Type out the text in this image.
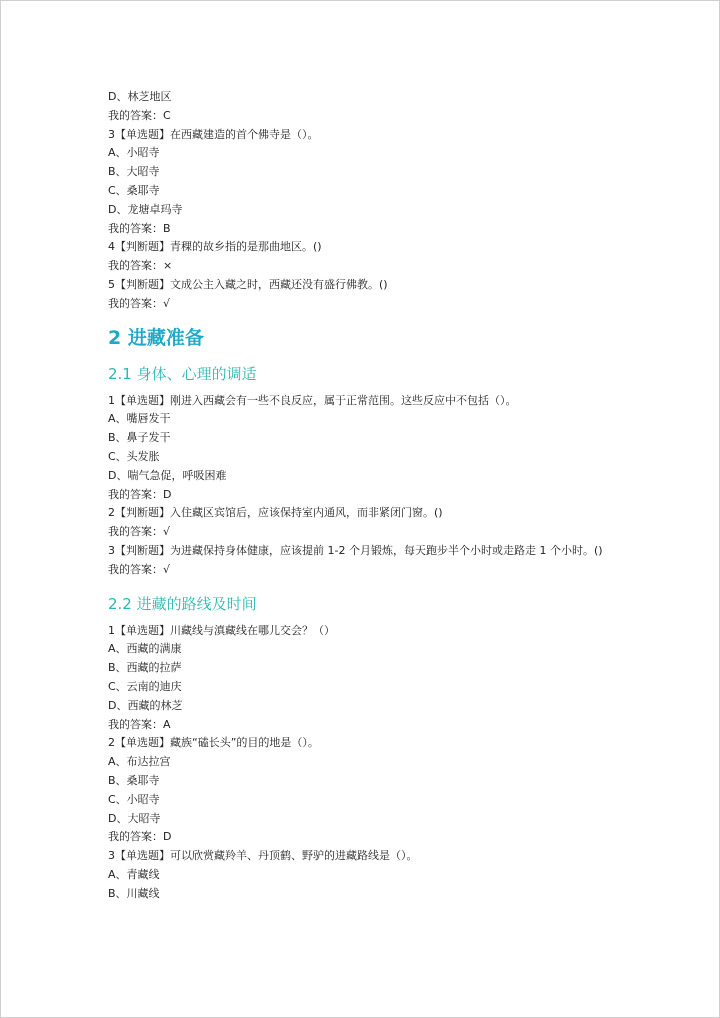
D、林芝地区
我的答案：C
3【单选题】在西藏建造的首个佛寺是（）。
A、小昭寺
B、大昭寺
C、桑耶寺
D、龙塘卓玛寺
我的答案：B
4【判断题】青稞的故乡指的是那曲地区。()
我的答案：×
5【判断题】文成公主入藏之时，西藏还没有盛行佛教。()
我的答案：√
2 进藏准备
2.1 身体、心理的调适
1【单选题】刚进入西藏会有一些不良反应，属于正常范围。这些反应中不包括（）。
A、嘴唇发干
B、鼻子发干
C、头发胀
D、喘气急促，呼吸困难
我的答案：D
2【判断题】入住藏区宾馆后，应该保持室内通风，而非紧闭门窗。()
我的答案：√
3【判断题】为进藏保持身体健康，应该提前 1-2 个月锻炼，每天跑步半个小时或走路走 1 个小时。()
我的答案：√
2.2 进藏的路线及时间
1【单选题】川藏线与滇藏线在哪儿交会？（）
A、西藏的满康
B、西藏的拉萨
C、云南的迪庆
D、西藏的林芝
我的答案：A
2【单选题】藏族“磕长头”的目的地是（）。
A、布达拉宫
B、桑耶寺
C、小昭寺
D、大昭寺
我的答案：D
3【单选题】可以欣赏藏羚羊、丹顶鹤、野驴的进藏路线是（）。
A、青藏线
B、川藏线
